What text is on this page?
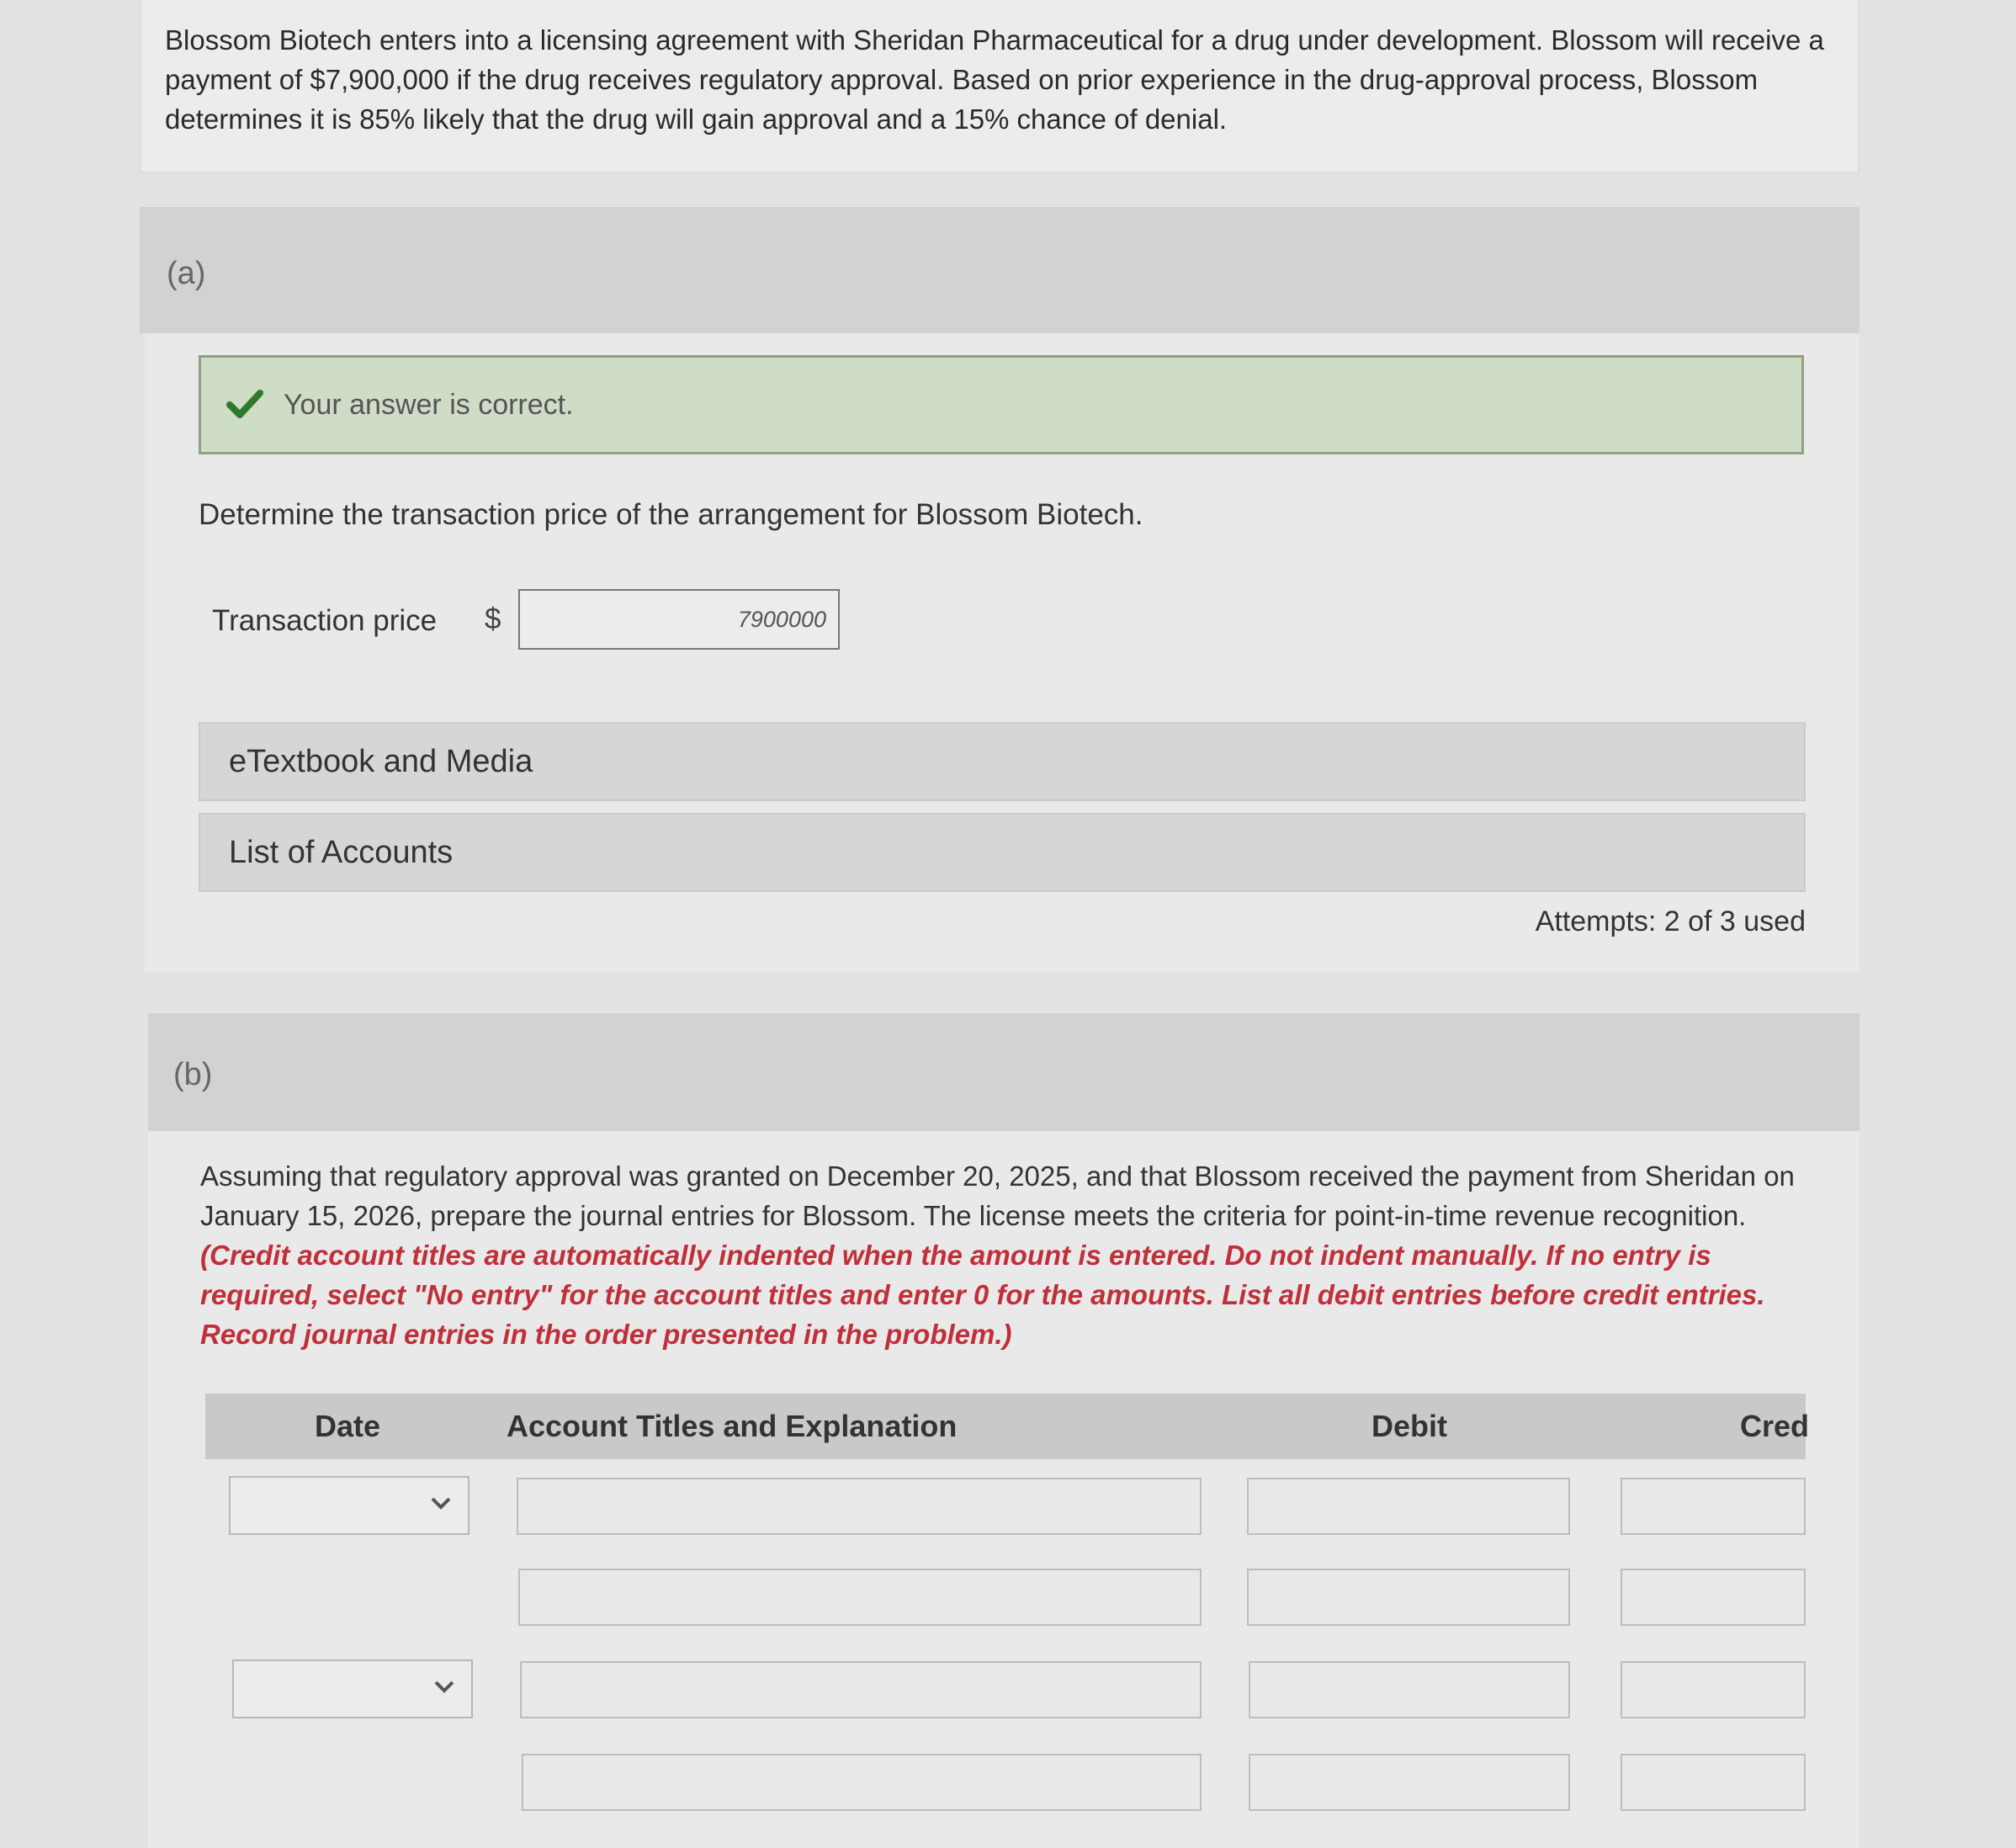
Blossom Biotech enters into a licensing agreement with Sheridan Pharmaceutical for a drug under development. Blossom will receive a payment of $7,900,000 if the drug receives regulatory approval. Based on prior experience in the drug-approval process, Blossom determines it is 85% likely that the drug will gain approval and a 15% chance of denial.
(a)
Your answer is correct.
Determine the transaction price of the arrangement for Blossom Biotech.
Transaction price $
7900000
eTextbook and Media
List of Accounts
Attempts: 2 of 3 used
(b)
Assuming that regulatory approval was granted on December 20, 2025, and that Blossom received the payment from Sheridan on January 15, 2026, prepare the journal entries for Blossom. The license meets the criteria for point-in-time revenue recognition. (Credit account titles are automatically indented when the amount is entered. Do not indent manually. If no entry is required, select "No entry" for the account titles and enter 0 for the amounts. List all debit entries before credit entries. Record journal entries in the order presented in the problem.)
Date	Account Titles and Explanation	Debit	Cred
